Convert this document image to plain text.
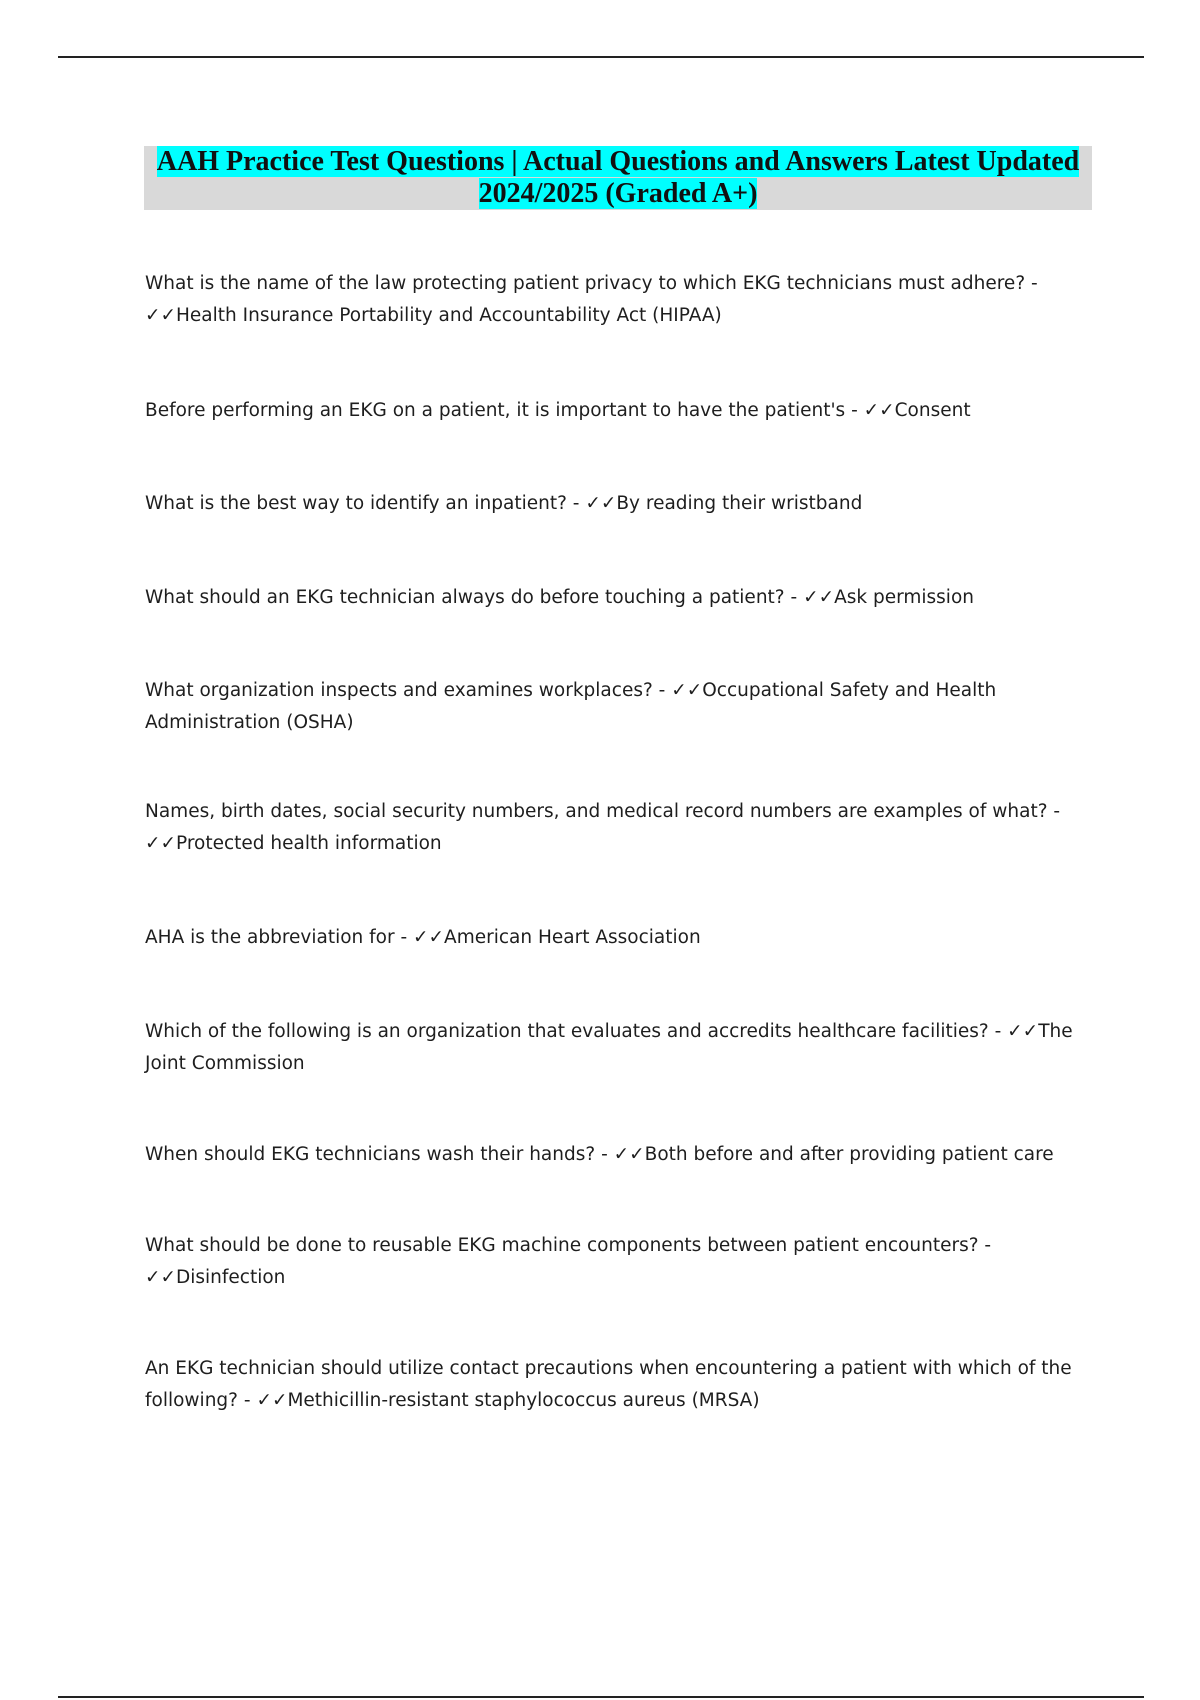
AAH Practice Test Questions | Actual Questions and Answers Latest Updated
2024/2025 (Graded A+)

What is the name of the law protecting patient privacy to which EKG technicians must adhere? -
✓✓Health Insurance Portability and Accountability Act (HIPAA)

Before performing an EKG on a patient, it is important to have the patient's - ✓✓Consent

What is the best way to identify an inpatient? - ✓✓By reading their wristband

What should an EKG technician always do before touching a patient? - ✓✓Ask permission

What organization inspects and examines workplaces? - ✓✓Occupational Safety and Health Administration (OSHA)

Names, birth dates, social security numbers, and medical record numbers are examples of what? -
✓✓Protected health information

AHA is the abbreviation for - ✓✓American Heart Association

Which of the following is an organization that evaluates and accredits healthcare facilities? - ✓✓The Joint Commission

When should EKG technicians wash their hands? - ✓✓Both before and after providing patient care

What should be done to reusable EKG machine components between patient encounters? -
✓✓Disinfection

An EKG technician should utilize contact precautions when encountering a patient with which of the following? - ✓✓Methicillin-resistant staphylococcus aureus (MRSA)
